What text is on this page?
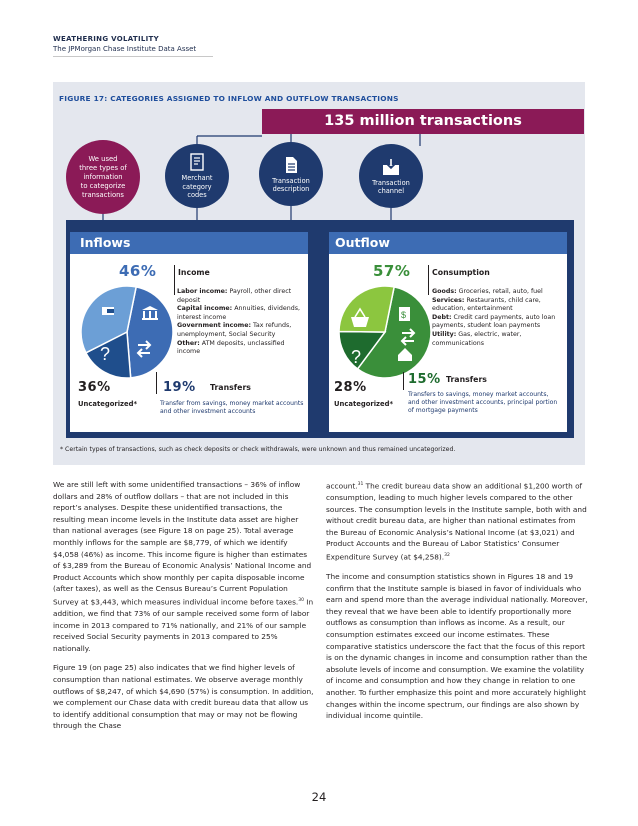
WEATHERING VOLATILITY
The JPMorgan Chase Institute Data Asset
FIGURE 17: CATEGORIES ASSIGNED TO INFLOW AND OUTFLOW TRANSACTIONS
135 million transactions
We used
three types of
information
to categorize
transactions
Merchant
category
codes
Transaction
description
Transaction
channel
Inflows	Outflow
?
46%	Income
Labor income: Payroll, other direct deposit
Capital income: Annuities, dividends, interest income
Government income: Tax refunds, unemployment, Social Security
Other: ATM deposits, unclassified income
36%
Uncategorized*
19% Transfers
Transfer from savings, money market accounts and other investment accounts
$
?
57%	Consumption
Goods: Groceries, retail, auto, fuel
Services: Restaurants, child care, education, entertainment
Debt: Credit card payments, auto loan payments, student loan payments
Utility: Gas, electric, water, communications
28%
Uncategorized*
15% Transfers
Transfers to savings, money market accounts, and other investment accounts, principal portion of mortgage payments
* Certain types of transactions, such as check deposits or check withdrawals, were unknown and thus remained uncategorized.

We are still left with some unidentified transactions – 36% of inflow dollars and 28% of outflow dollars – that are not included in this report’s analyses. Despite these unidentified transactions, the resulting mean income levels in the Institute data asset are higher than national averages (see Figure 18 on page 25). Total average monthly inflows for the sample are $8,779, of which we identify $4,058 (46%) as income. This income figure is higher than estimates of $3,289 from the Bureau of Economic Analysis’ National Income and Product Accounts which show monthly per capita disposable income (after taxes), as well as the Census Bureau’s Current Population Survey at $3,443, which measures individual income before taxes.$^{30}$ In addition, we find that 73% of our sample received some form of labor income in 2013 compared to 71% nationally, and 21% of our sample received Social Security payments in 2013 compared to 25% nationally.

Figure 19 (on page 25) also indicates that we find higher levels of consumption than national estimates. We observe average monthly outflows of $8,247, of which $4,690 (57%) is consumption. In addition, we complement our Chase data with credit bureau data that allow us to identify additional consumption that may or may not be flowing through the Chase

account.$^{31}$ The credit bureau data show an additional $1,200 worth of consumption, leading to much higher levels compared to the other sources. The consumption levels in the Institute sample, both with and without credit bureau data, are higher than national estimates from the Bureau of Economic Analysis’s National Income (at $3,021) and Product Accounts and the Bureau of Labor Statistics’ Consumer Expenditure Survey (at $4,258).$^{32}$

The income and consumption statistics shown in Figures 18 and 19 confirm that the Institute sample is biased in favor of individuals who earn and spend more than the average individual nationally. Moreover, they reveal that we have been able to identify proportionally more outflows as consumption than inflows as income. As a result, our consumption estimates exceed our income estimates. These comparative statistics underscore the fact that the focus of this report is on the dynamic changes in income and consumption rather than the absolute levels of income and consumption. We examine the volatility of income and consumption and how they change in relation to one another. To further emphasize this point and more accurately highlight changes within the income spectrum, our findings are also shown by individual income quintile.

24
